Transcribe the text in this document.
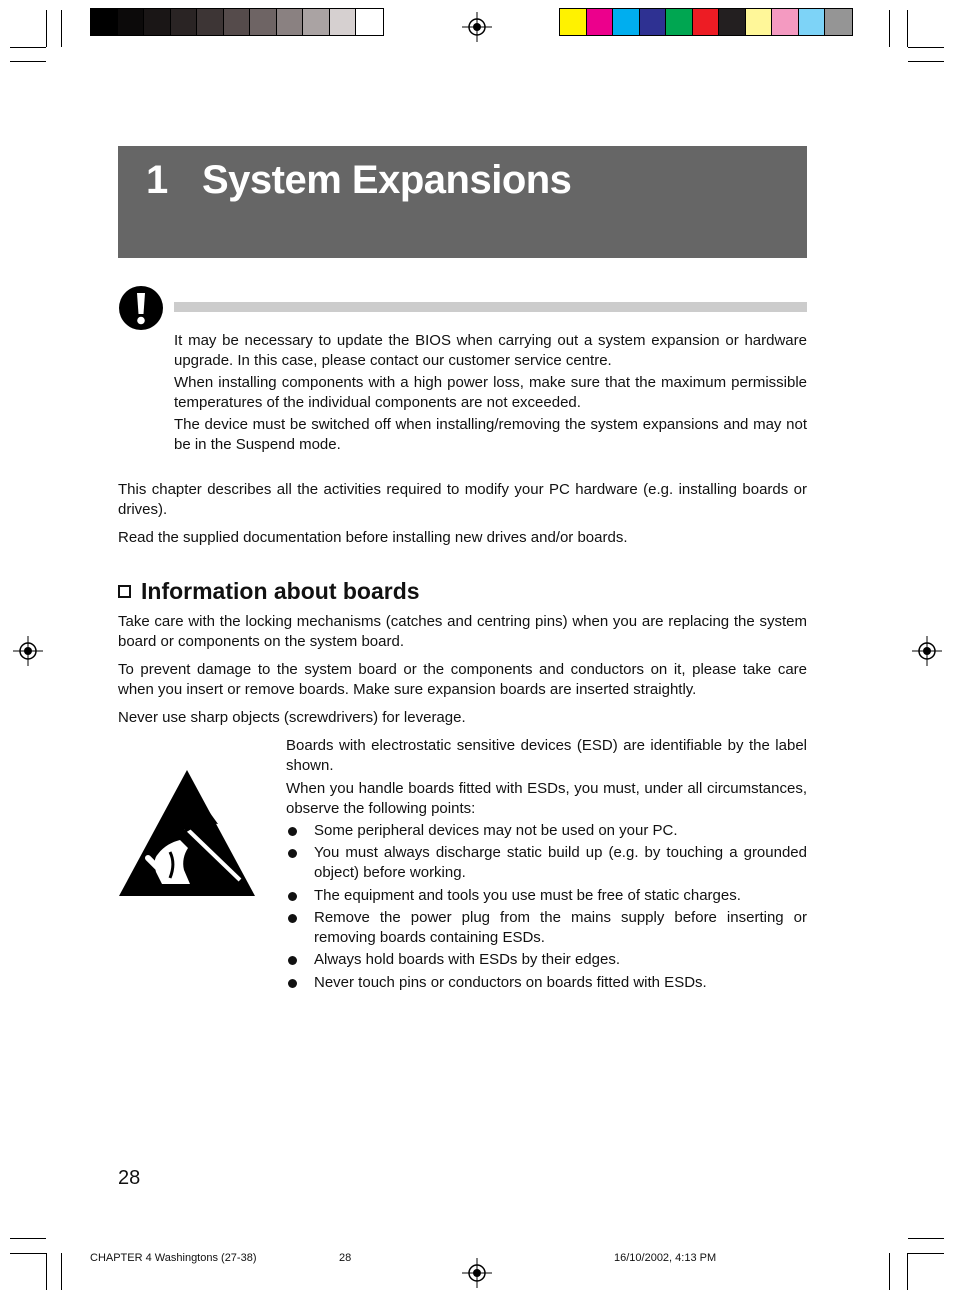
1 System Expansions

It may be necessary to update the BIOS when carrying out a system expansion or hardware upgrade. In this case, please contact our customer service centre.

When installing components with a high power loss, make sure that the maximum permissible temperatures of the individual components are not exceeded.

The device must be switched off when installing/removing the system expansions and may not be in the Suspend mode.

This chapter describes all the activities required to modify your PC hardware (e.g. installing boards or drives).

Read the supplied documentation before installing new drives and/or boards.

Information about boards

Take care with the locking mechanisms (catches and centring pins) when you are replacing the system board or components on the system board.

To prevent damage to the system board or the components and conductors on it, please take care when you insert or remove boards. Make sure expansion boards are inserted straightly.

Never use sharp objects (screwdrivers) for leverage.

Boards with electrostatic sensitive devices (ESD) are identifiable by the label shown.

When you handle boards fitted with ESDs, you must, under all circumstances, observe the following points:

Some peripheral devices may not be used on your PC.

You must always discharge static build up (e.g. by touching a grounded object) before working.

The equipment and tools you use must be free of static charges.

Remove the power plug from the mains supply before inserting or removing boards containing ESDs.

Always hold boards with ESDs by their edges.

Never touch pins or conductors on boards fitted with ESDs.

28
CHAPTER 4 Washingtons (27-38)	28	16/10/2002, 4:13 PM
